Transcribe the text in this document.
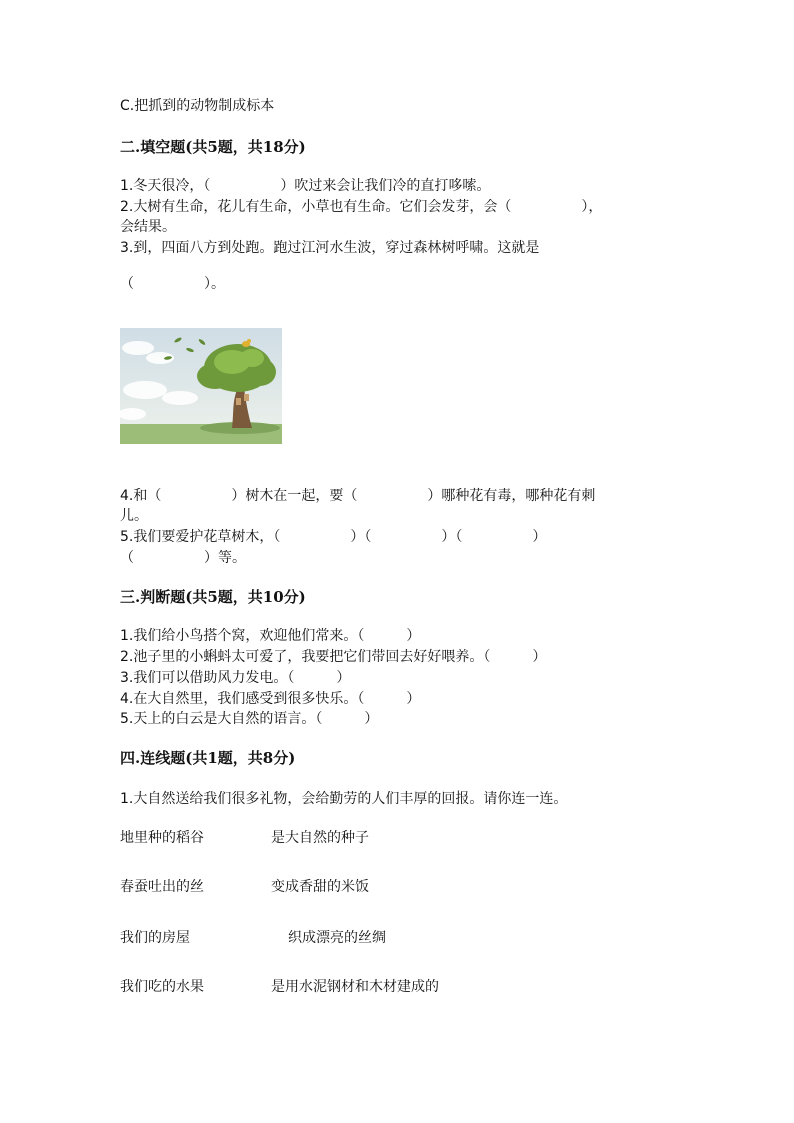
C.把抓到的动物制成标本
二.填空题(共5题，共18分)
1.冬天很冷，（　　　　　）吹过来会让我们冷的直打哆嗦。
2.大树有生命，花儿有生命，小草也有生命。它们会发芽，会（　　　　　），
会结果。
3.到，四面八方到处跑。跑过江河水生波，穿过森林树呼啸。这就是
（　　　　　）。
4.和（　　　　　）树木在一起，要（　　　　　）哪种花有毒，哪种花有刺
儿。
5.我们要爱护花草树木，（　　　　　）（　　　　　）（　　　　　）
（　　　　　）等。
三.判断题(共5题，共10分)
1.我们给小鸟搭个窝，欢迎他们常来。（　　　）
2.池子里的小蝌蚪太可爱了，我要把它们带回去好好喂养。（　　　）
3.我们可以借助风力发电。（　　　）
4.在大自然里，我们感受到很多快乐。（　　　）
5.天上的白云是大自然的语言。（　　　）
四.连线题(共1题，共8分)
1.大自然送给我们很多礼物，会给勤劳的人们丰厚的回报。请你连一连。
地里种的稻谷	是大自然的种子
春蚕吐出的丝	变成香甜的米饭
我们的房屋	织成漂亮的丝绸
我们吃的水果	是用水泥钢材和木材建成的
